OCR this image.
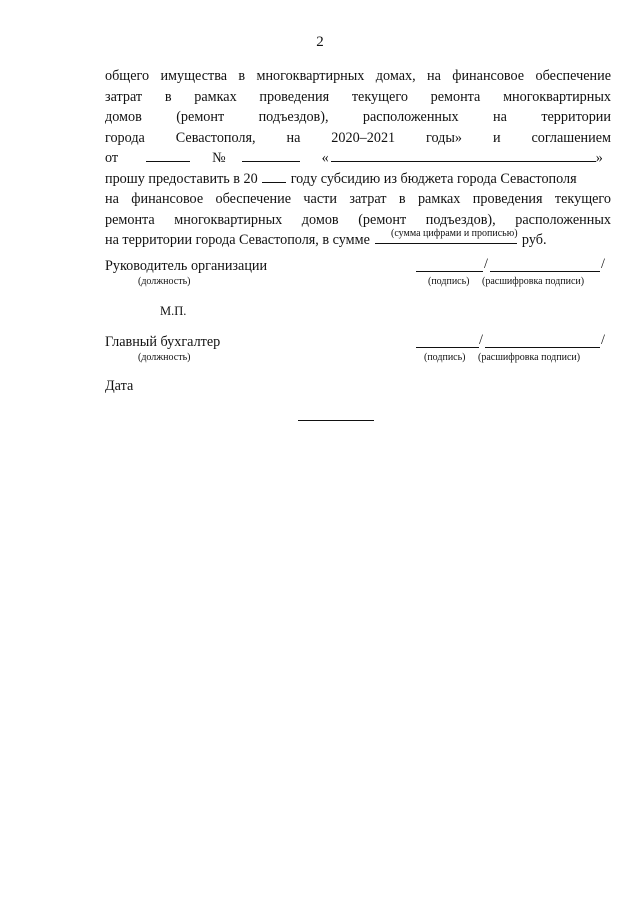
2
общего имущества в многоквартирных домах, на финансовое обеспечение
затрат в рамках проведения текущего ремонта многоквартирных
домов (ремонт подъездов), расположенных на территории
города Севастополя, на 2020–2021 годы» и соглашением
от	№	«	»
прошу предоставить в 20 году субсидию из бюджета города Севастополя
на финансовое обеспечение части затрат в рамках проведения текущего
ремонта многоквартирных домов (ремонт подъездов), расположенных
на территории города Севастополя, в сумме	руб.
(сумма цифрами и прописью)
Руководитель организации	/	/
(должность)	(подпись) (расшифровка подписи)
М.П.
Главный бухгалтер	/	/
(должность)	(подпись) (расшифровка подписи)
Дата
